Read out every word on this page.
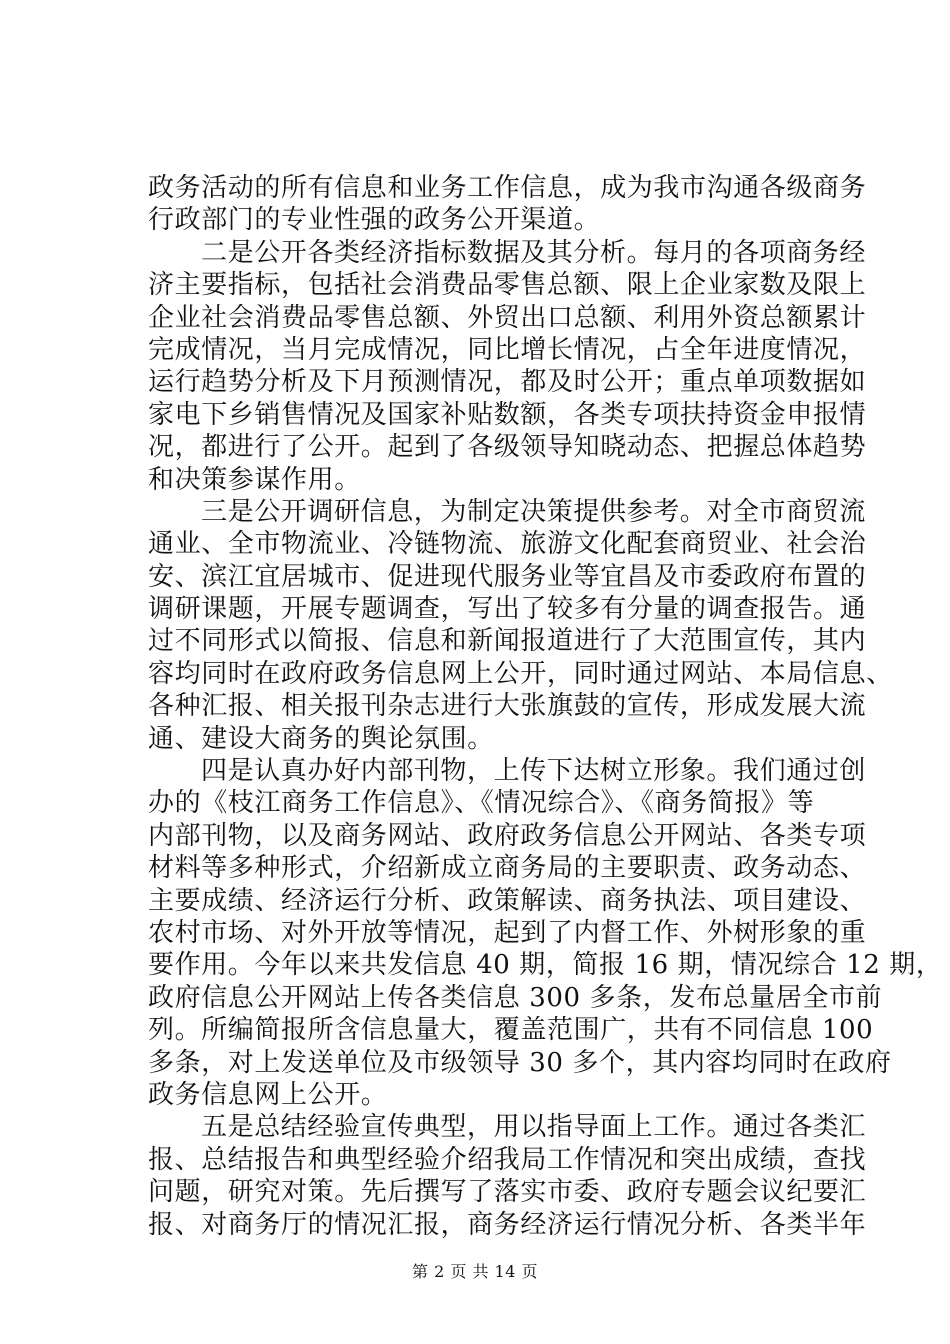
政务活动的所有信息和业务工作信息，成为我市沟通各级商务
行政部门的专业性强的政务公开渠道。
二是公开各类经济指标数据及其分析。每月的各项商务经
济主要指标，包括社会消费品零售总额、限上企业家数及限上
企业社会消费品零售总额、外贸出口总额、利用外资总额累计
完成情况，当月完成情况，同比增长情况，占全年进度情况，
运行趋势分析及下月预测情况，都及时公开；重点单项数据如
家电下乡销售情况及国家补贴数额，各类专项扶持资金申报情
况，都进行了公开。起到了各级领导知晓动态、把握总体趋势
和决策参谋作用。
三是公开调研信息，为制定决策提供参考。对全市商贸流
通业、全市物流业、冷链物流、旅游文化配套商贸业、社会治
安、滨江宜居城市、促进现代服务业等宜昌及市委政府布置的
调研课题，开展专题调查，写出了较多有分量的调查报告。通
过不同形式以简报、信息和新闻报道进行了大范围宣传，其内
容均同时在政府政务信息网上公开，同时通过网站、本局信息、
各种汇报、相关报刊杂志进行大张旗鼓的宣传，形成发展大流
通、建设大商务的舆论氛围。
四是认真办好内部刊物，上传下达树立形象。我们通过创
办的《枝江商务工作信息》、《情况综合》、《商务简报》等
内部刊物，以及商务网站、政府政务信息公开网站、各类专项
材料等多种形式，介绍新成立商务局的主要职责、政务动态、
主要成绩、经济运行分析、政策解读、商务执法、项目建设、
农村市场、对外开放等情况，起到了内督工作、外树形象的重
要作用。今年以来共发信息 40 期，简报 16 期，情况综合 12 期，
政府信息公开网站上传各类信息 300 多条，发布总量居全市前
列。所编简报所含信息量大，覆盖范围广，共有不同信息 100
多条，对上发送单位及市级领导 30 多个，其内容均同时在政府
政务信息网上公开。
五是总结经验宣传典型，用以指导面上工作。通过各类汇
报、总结报告和典型经验介绍我局工作情况和突出成绩，查找
问题，研究对策。先后撰写了落实市委、政府专题会议纪要汇
报、对商务厅的情况汇报，商务经济运行情况分析、各类半年
第 2 页 共 14 页
